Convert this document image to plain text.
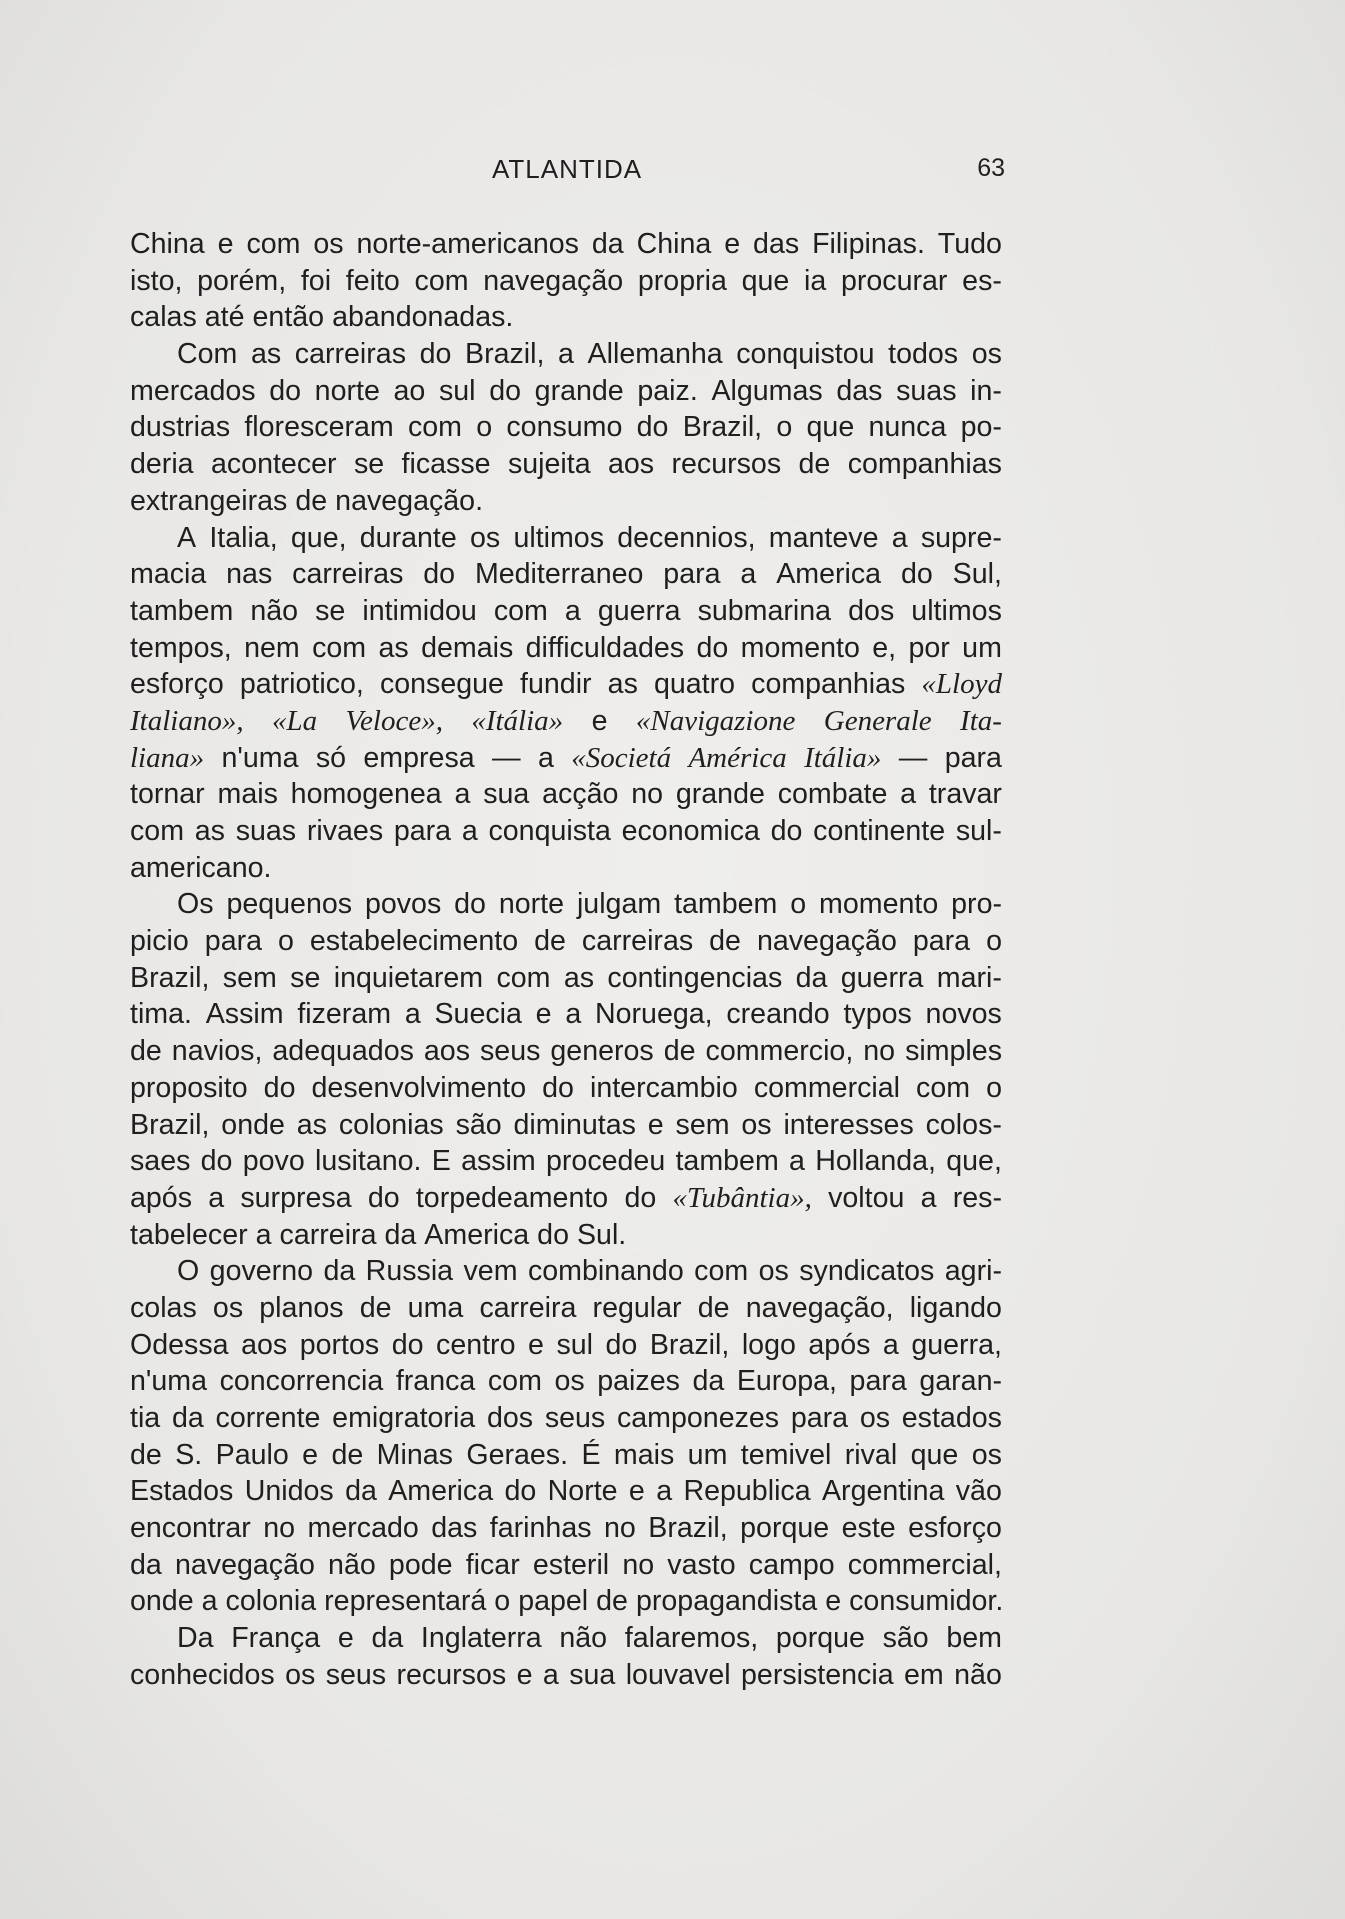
ATLANTIDA	63
China e com os norte-americanos da China e das Filipinas. Tudo
isto, porém, foi feito com navegação propria que ia procurar es-
calas até então abandonadas.
Com as carreiras do Brazil, a Allemanha conquistou todos os
mercados do norte ao sul do grande paiz. Algumas das suas in-
dustrias floresceram com o consumo do Brazil, o que nunca po-
deria acontecer se ficasse sujeita aos recursos de companhias
extrangeiras de navegação.
A Italia, que, durante os ultimos decennios, manteve a supre-
macia nas carreiras do Mediterraneo para a America do Sul,
tambem não se intimidou com a guerra submarina dos ultimos
tempos, nem com as demais difficuldades do momento e, por um
esforço patriotico, consegue fundir as quatro companhias «Lloyd
Italiano», «La Veloce», «Itália» e «Navigazione Generale Ita-
liana» n'uma só empresa — a «Societá América Itália» — para
tornar mais homogenea a sua acção no grande combate a travar
com as suas rivaes para a conquista economica do continente sul-
americano.
Os pequenos povos do norte julgam tambem o momento pro-
picio para o estabelecimento de carreiras de navegação para o
Brazil, sem se inquietarem com as contingencias da guerra mari-
tima. Assim fizeram a Suecia e a Noruega, creando typos novos
de navios, adequados aos seus generos de commercio, no simples
proposito do desenvolvimento do intercambio commercial com o
Brazil, onde as colonias são diminutas e sem os interesses colos-
saes do povo lusitano. E assim procedeu tambem a Hollanda, que,
após a surpresa do torpedeamento do «Tubântia», voltou a res-
tabelecer a carreira da America do Sul.
O governo da Russia vem combinando com os syndicatos agri-
colas os planos de uma carreira regular de navegação, ligando
Odessa aos portos do centro e sul do Brazil, logo após a guerra,
n'uma concorrencia franca com os paizes da Europa, para garan-
tia da corrente emigratoria dos seus camponezes para os estados
de S. Paulo e de Minas Geraes. É mais um temivel rival que os
Estados Unidos da America do Norte e a Republica Argentina vão
encontrar no mercado das farinhas no Brazil, porque este esforço
da navegação não pode ficar esteril no vasto campo commercial,
onde a colonia representará o papel de propagandista e consumidor.
Da França e da Inglaterra não falaremos, porque são bem
conhecidos os seus recursos e a sua louvavel persistencia em não
